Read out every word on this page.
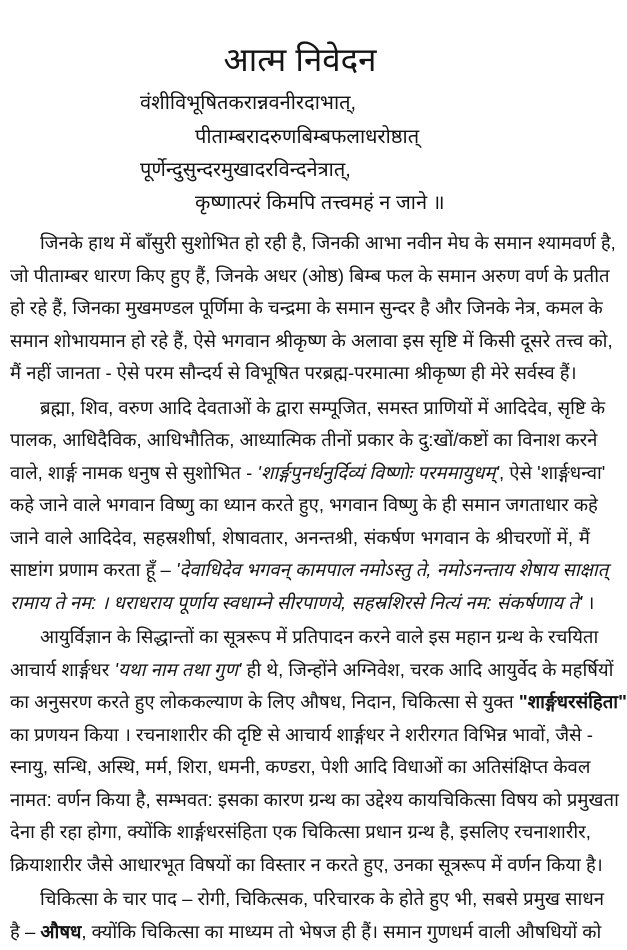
आत्म निवेदन
वंशीविभूषितकरान्नवनीरदाभात्,
पीताम्बरादरुणबिम्बफलाधरोष्ठात्
पूर्णेन्दुसुन्दरमुखादरविन्दनेत्रात्,
कृष्णात्परं किमपि तत्त्वमहं न जाने ॥
जिनके हाथ में बाँसुरी सुशोभित हो रही है, जिनकी आभा नवीन मेघ के समान श्यामवर्ण है,
जो पीताम्बर धारण किए हुए हैं, जिनके अधर (ओष्ठ) बिम्ब फल के समान अरुण वर्ण के प्रतीत
हो रहे हैं, जिनका मुखमण्डल पूर्णिमा के चन्द्रमा के समान सुन्दर है और जिनके नेत्र, कमल के
समान शोभायमान हो रहे हैं, ऐसे भगवान श्रीकृष्ण के अलावा इस सृष्टि में किसी दूसरे तत्त्व को,
मैं नहीं जानता - ऐसे परम सौन्दर्य से विभूषित परब्रह्म-परमात्मा श्रीकृष्ण ही मेरे सर्वस्व हैं।
ब्रह्मा, शिव, वरुण आदि देवताओं के द्वारा सम्पूजित, समस्त प्राणियों में आदिदेव, सृष्टि के
पालक, आधिदैविक, आधिभौतिक, आध्यात्मिक तीनों प्रकार के दु:खों/कष्टों का विनाश करने
वाले, शार्ङ्ग नामक धनुष से सुशोभित - 'शार्ङ्गपुनर्धनुर्दिव्यं विष्णोः परममायुधम्', ऐसे 'शार्ङ्गधन्वा'
कहे जाने वाले भगवान विष्णु का ध्यान करते हुए, भगवान विष्णु के ही समान जगताधार कहे
जाने वाले आदिदेव, सहस्रशीर्षा, शेषावतार, अनन्तश्री, संकर्षण भगवान के श्रीचरणों में, मैं
साष्टांग प्रणाम करता हूँ – 'देवाधिदेव भगवन् कामपाल नमोऽस्तु ते, नमोऽनन्ताय शेषाय साक्षात्
रामाय ते नम: । धराधराय पूर्णाय स्वधाम्ने सीरपाणये, सहस्रशिरसे नित्यं नम: संकर्षणाय ते' ।
आयुर्विज्ञान के सिद्धान्तों का सूत्ररूप में प्रतिपादन करने वाले इस महान ग्रन्थ के रचयिता
आचार्य शार्ङ्गधर 'यथा नाम तथा गुण' ही थे, जिन्होंने अग्निवेश, चरक आदि आयुर्वेद के महर्षियों
का अनुसरण करते हुए लोककल्याण के लिए औषध, निदान, चिकित्सा से युक्त "शार्ङ्गधरसंहिता"
का प्रणयन किया । रचनाशारीर की दृष्टि से आचार्य शार्ङ्गधर ने शरीरगत विभिन्न भावों, जैसे -
स्नायु, सन्धि, अस्थि, मर्म, शिरा, धमनी, कण्डरा, पेशी आदि विधाओं का अतिसंक्षिप्त केवल
नामत: वर्णन किया है, सम्भवत: इसका कारण ग्रन्थ का उद्देश्य कायचिकित्सा विषय को प्रमुखता
देना ही रहा होगा, क्योंकि शार्ङ्गधरसंहिता एक चिकित्सा प्रधान ग्रन्थ है, इसलिए रचनाशारीर,
क्रियाशारीर जैसे आधारभूत विषयों का विस्तार न करते हुए, उनका सूत्ररूप में वर्णन किया है।
चिकित्सा के चार पाद – रोगी, चिकित्सक, परिचारक के होते हुए भी, सबसे प्रमुख साधन
है – औषध, क्योंकि चिकित्सा का माध्यम तो भेषज ही हैं। समान गुणधर्म वाली औषधियों को
